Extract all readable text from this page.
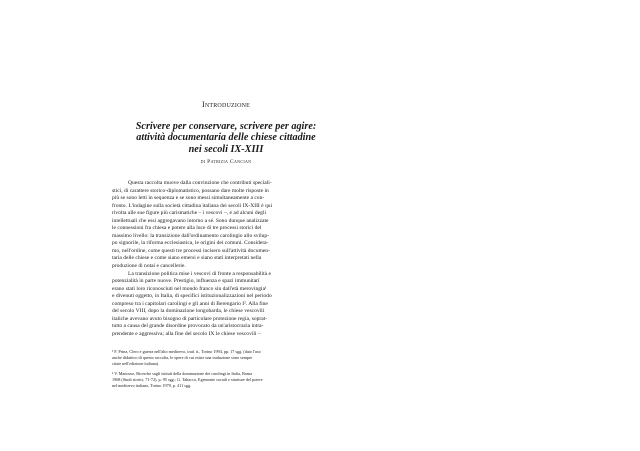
Introduzione
Scrivere per conservare, scrivere per agire:
attività documentaria delle chiese cittadine
nei secoli IX-XIII
di Patrizia Cancian
Questa raccolta muove dalla convinzione che contributi speciali-
stici, di carattere storico-diplomatistico, possano dare molte risposte in
più se sono letti in sequenza e se sono messi simultaneamente a con-
fronto. L'indagine sulla società cittadina italiana dei secoli IX-XIII è qui
rivolta alle sue figure più carismatiche – i vescovi –, e ad alcuni degli
intellettuali che essi aggregavano intorno a sé. Sono dunque analizzate
le connessioni fra chiesa e potere alla luce di tre processi storici del
massimo livello: la transizione dall'ordinamento carolingio allo svilup-
po signorile, la riforma ecclesiastica, le origini dei comuni. Considera-
mo, nell'ordine, come questi tre processi incisero sull'attività documen-
taria delle chiese e come siano emersi e siano stati interpretati nella
produzione di notai e cancellerie.
La transizione politica mise i vescovi di fronte a responsabilità e
potenzialità in parte nuove. Prestigio, influenza e spazi immunitari
erano stati loro riconosciuti nel mondo franco sin dall'età merovingia¹
e divenuti oggetto, in Italia, di specifici istituzionalizzazioni nel periodo
compreso tra i capitolari carolingi e gli anni di Berengario I². Alla fine
del secolo VIII, dopo la dominazione longobarda, le chiese vescovili
italiche avevano avuto bisogno di particolare protezione regia, soprat-
tutto a causa del grande disordine provocato da un'aristocrazia intra-
prendente e aggressiva; alla fine del secolo IX le chiese vescovili –
¹ F. Prinz, Clero e guerra nell'alto medioevo, trad. it., Torino 1994, pp. 17 sgg. (dato l'uso
anche didattico di questo raccolta, le opere di cui esiste una traduzione sono sempre
citate nell'edizione italiana).
² V. Mancuso, Ricerche sugli istituti della dominazione dei carolingi in Italia, Roma
1968 (Studi storici, 71-72), p. 95 sgg.; G. Tabacco, Egemonie sociali e strutture del potere
nel medioevo italiano, Torino 1979, p. 411 sgg.
